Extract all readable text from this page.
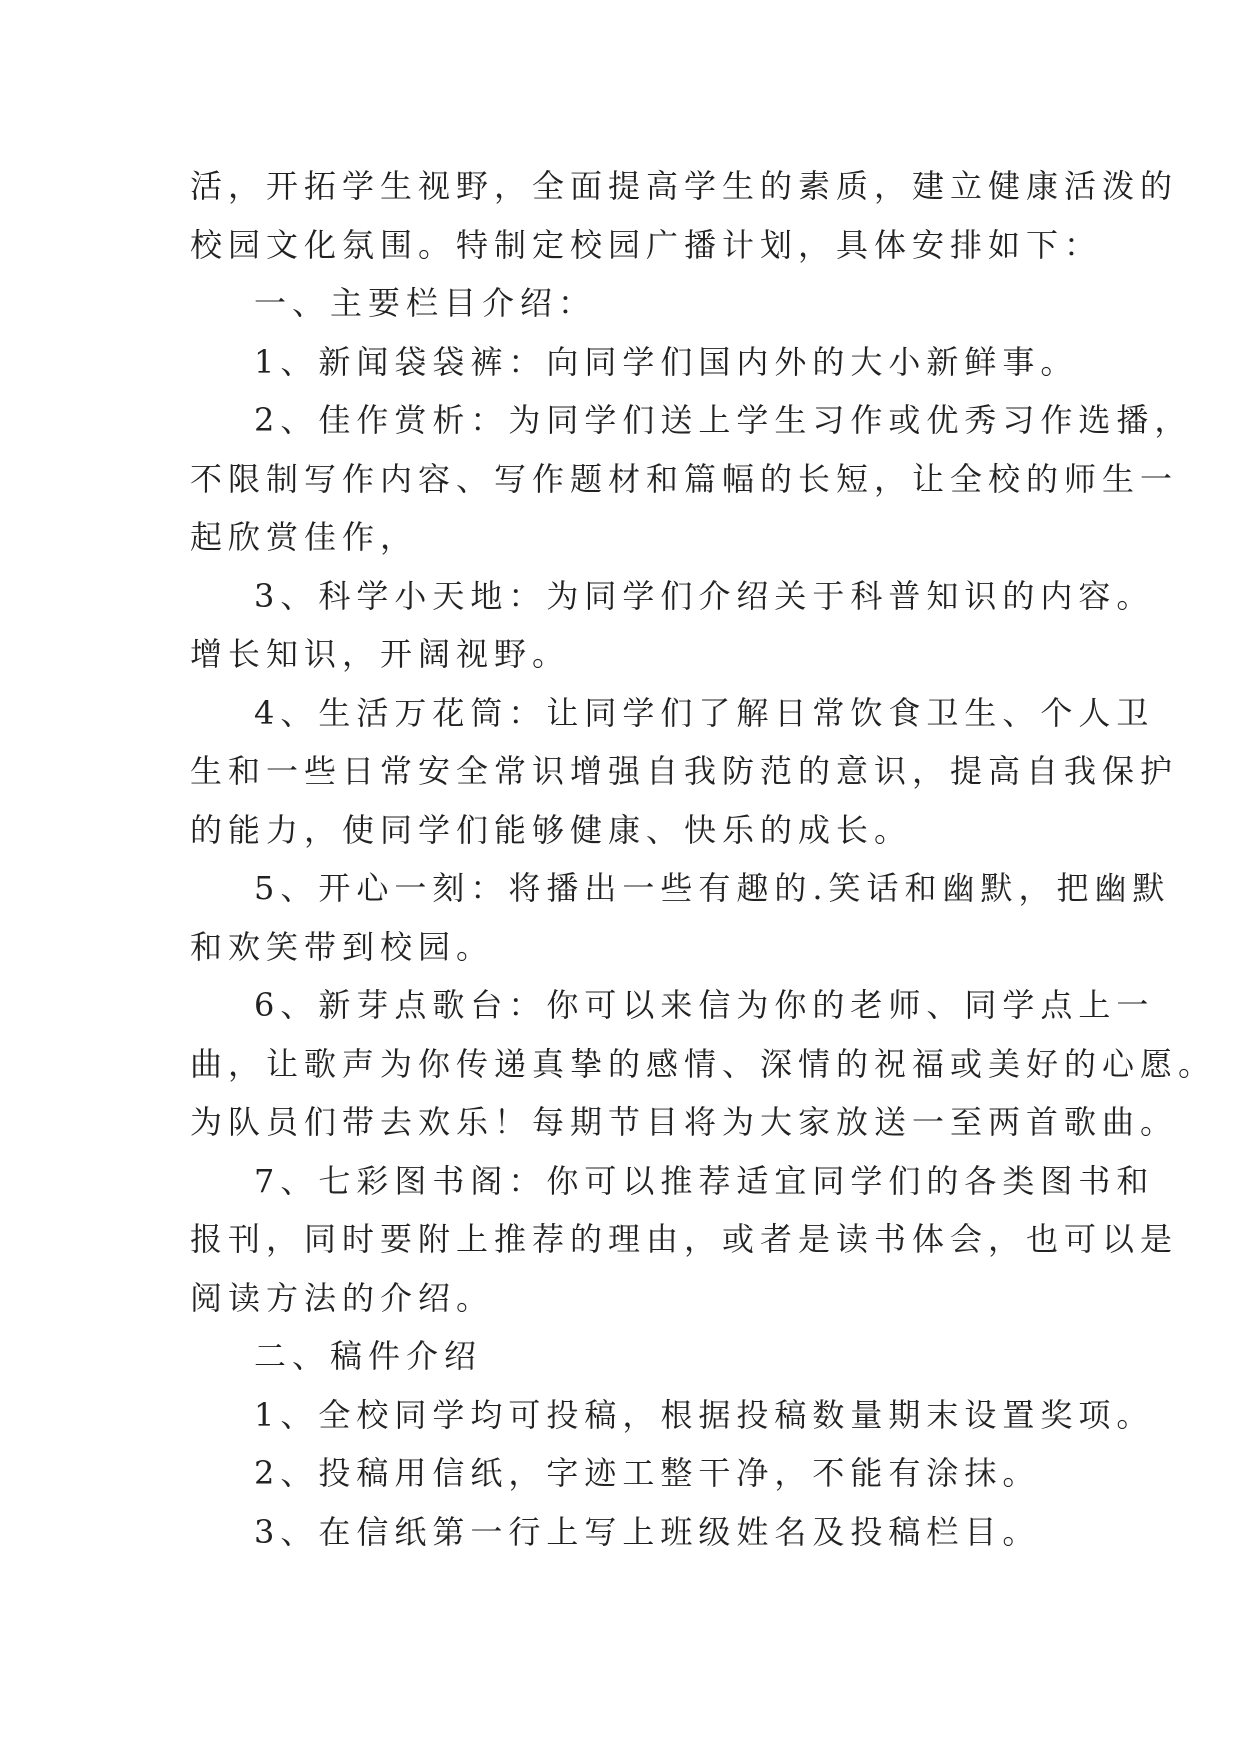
活，开拓学生视野，全面提高学生的素质，建立健康活泼的
校园文化氛围。特制定校园广播计划，具体安排如下：
一、主要栏目介绍：
1、新闻袋袋裤：向同学们国内外的大小新鲜事。
2、佳作赏析：为同学们送上学生习作或优秀习作选播，
不限制写作内容、写作题材和篇幅的长短，让全校的师生一
起欣赏佳作，
3、科学小天地：为同学们介绍关于科普知识的内容。
增长知识，开阔视野。
4、生活万花筒：让同学们了解日常饮食卫生、个人卫
生和一些日常安全常识增强自我防范的意识，提高自我保护
的能力，使同学们能够健康、快乐的成长。
5、开心一刻：将播出一些有趣的.笑话和幽默，把幽默
和欢笑带到校园。
6、新芽点歌台：你可以来信为你的老师、同学点上一
曲，让歌声为你传递真挚的感情、深情的祝福或美好的心愿。
为队员们带去欢乐！每期节目将为大家放送一至两首歌曲。
7、七彩图书阁：你可以推荐适宜同学们的各类图书和
报刊，同时要附上推荐的理由，或者是读书体会，也可以是
阅读方法的介绍。
二、稿件介绍
1、全校同学均可投稿，根据投稿数量期末设置奖项。
2、投稿用信纸，字迹工整干净，不能有涂抹。
3、在信纸第一行上写上班级姓名及投稿栏目。
